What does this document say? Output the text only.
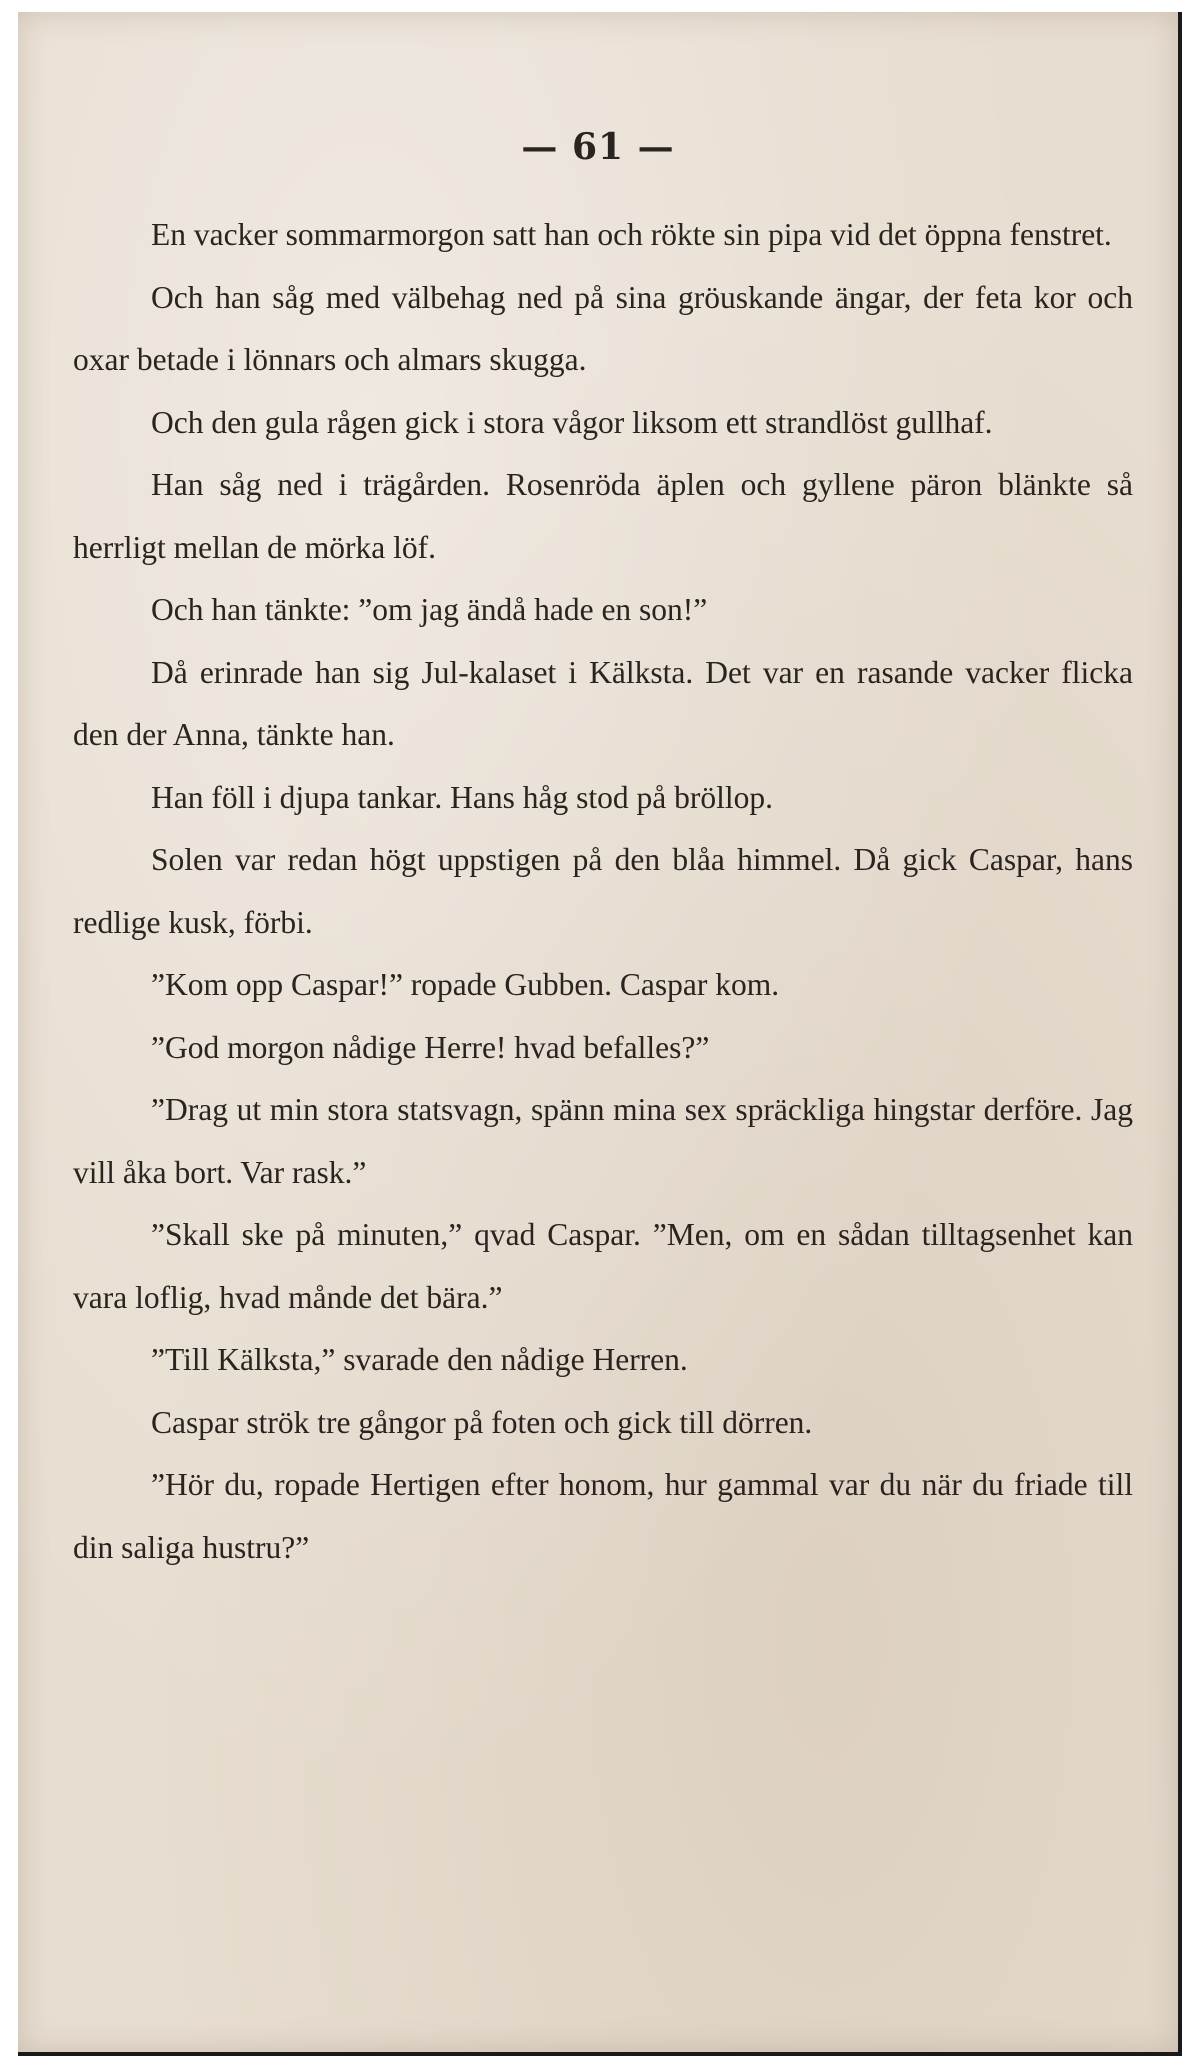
— 61 —

En vacker sommarmorgon satt han och rökte sin pipa vid det öppna fenstret.

Och han såg med välbehag ned på sina gröuskande ängar, der feta kor och oxar betade i lönnars och almars skugga.

Och den gula rågen gick i stora vågor liksom ett strandlöst gullhaf.

Han såg ned i trägården. Rosenröda äplen och gyllene päron blänkte så herrligt mellan de mörka löf.

Och han tänkte: ”om jag ändå hade en son!”

Då erinrade han sig Jul-kalaset i Kälksta. Det var en rasande vacker flicka den der Anna, tänkte han.

Han föll i djupa tankar. Hans håg stod på bröllop.

Solen var redan högt uppstigen på den blåa himmel. Då gick Caspar, hans redlige kusk, förbi.

”Kom opp Caspar!” ropade Gubben. Caspar kom.

”God morgon nådige Herre! hvad befalles?”

”Drag ut min stora statsvagn, spänn mina sex spräckliga hingstar derföre. Jag vill åka bort. Var rask.”

”Skall ske på minuten,” qvad Caspar. ”Men, om en sådan tilltagsenhet kan vara loflig, hvad månde det bära.”

”Till Kälksta,” svarade den nådige Herren.

Caspar strök tre gångor på foten och gick till dörren.

”Hör du, ropade Hertigen efter honom, hur gammal var du när du friade till din saliga hustru?”
